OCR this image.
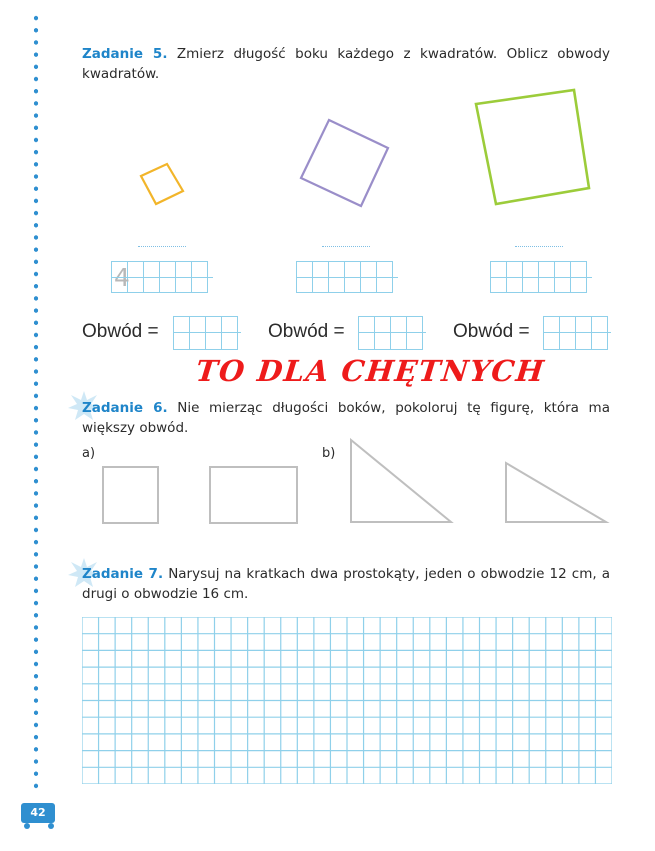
Zadanie 5. Zmierz długość boku każdego z kwadratów. Oblicz obwody kwadratów.
4
Obwód =	Obwód =	Obwód =
TO DLA CHĘTNYCH
Zadanie 6. Nie mierząc długości boków, pokoloruj tę figurę, która ma większy obwód.
a)	b)
Zadanie 7. Narysuj na kratkach dwa prostokąty, jeden o obwodzie 12 cm, a drugi o obwodzie 16 cm.
42
